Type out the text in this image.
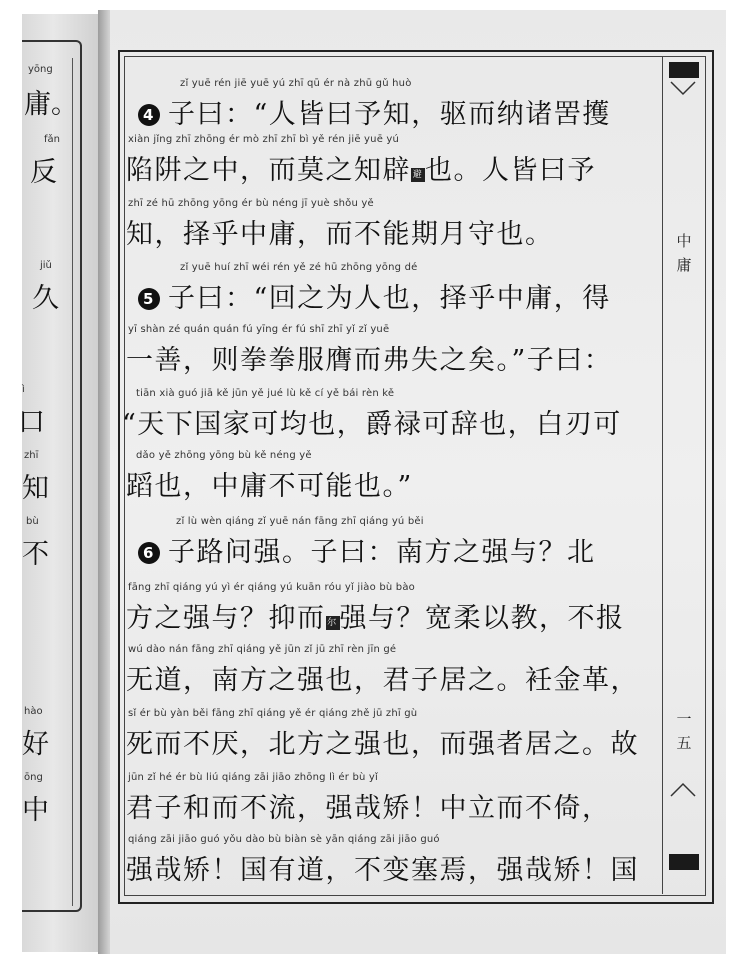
yōng
庸。
fǎn
反
jiǔ
久
ì
口
zhī
知
bù
不
hào
好
ōng
中
中
庸
一
五
zǐ yuē rén jiē yuē yú zhī qū ér nà zhū gǔ huò
4 子曰：“人皆曰予知，驱而纳诸罟擭
xiàn jǐng zhī zhōng ér mò zhī zhī bì yě rén jiē yuē yú
陷阱之中，而莫之知辟 避也。人皆曰予
zhī zé hū zhōng yōng ér bù néng jī yuè shǒu yě
知，择乎中庸，而不能期月守也。
zǐ yuē huí zhī wéi rén yě zé hū zhōng yōng dé
5 子曰：“回之为人也，择乎中庸，得
yī shàn zé quán quán fú yīng ér fú shī zhī yǐ zǐ yuē
一善，则拳拳服膺而弗失之矣。”子曰：
tiān xià guó jiā kě jūn yě jué lù kě cí yě bái rèn kě
“天下国家可均也，爵禄可辞也，白刃可
dǎo yě zhōng yōng bù kě néng yě
蹈也，中庸不可能也。”
zǐ lù wèn qiáng zǐ yuē nán fāng zhī qiáng yú běi
6 子路问强。子曰：南方之强与？北
fāng zhī qiáng yú yì ér qiáng yú kuān róu yǐ jiào bù bào
方之强与？抑而 尔强与？宽柔以教，不报
wú dào nán fāng zhī qiáng yě jūn zǐ jū zhī rèn jīn gé
无道，南方之强也，君子居之。衽金革，
sǐ ér bù yàn běi fāng zhī qiáng yě ér qiáng zhě jū zhī gù
死而不厌，北方之强也，而强者居之。故
jūn zǐ hé ér bù liú qiáng zāi jiāo zhōng lì ér bù yǐ
君子和而不流，强哉矫！中立而不倚，
qiáng zāi jiāo guó yǒu dào bù biàn sè yān qiáng zāi jiāo guó
强哉矫！国有道，不变塞焉，强哉矫！国
